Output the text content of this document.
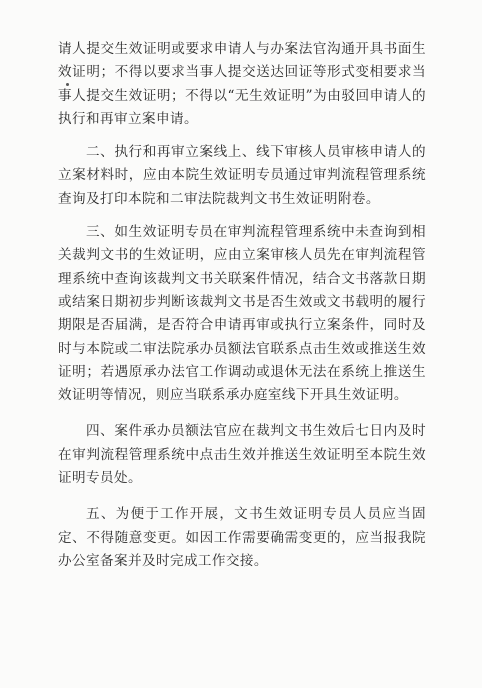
请人提交生效证明或要求申请人与办案法官沟通开具书面生效证明；不得以要求当事人提交送达回证等形式变相要求当事人提交生效证明；不得以“无生效证明”为由驳回申请人的执行和再审立案申请。

二、执行和再审立案线上、线下审核人员审核申请人的立案材料时，应由本院生效证明专员通过审判流程管理系统查询及打印本院和二审法院裁判文书生效证明附卷。

三、如生效证明专员在审判流程管理系统中未查询到相关裁判文书的生效证明，应由立案审核人员先在审判流程管理系统中查询该裁判文书关联案件情况，结合文书落款日期或结案日期初步判断该裁判文书是否生效或文书载明的履行期限是否届满，是否符合申请再审或执行立案条件，同时及时与本院或二审法院承办员额法官联系点击生效或推送生效证明；若遇原承办法官工作调动或退休无法在系统上推送生效证明等情况，则应当联系承办庭室线下开具生效证明。

四、案件承办员额法官应在裁判文书生效后七日内及时在审判流程管理系统中点击生效并推送生效证明至本院生效证明专员处。

五、为便于工作开展，文书生效证明专员人员应当固定、不得随意变更。如因工作需要确需变更的，应当报我院办公室备案并及时完成工作交接。
